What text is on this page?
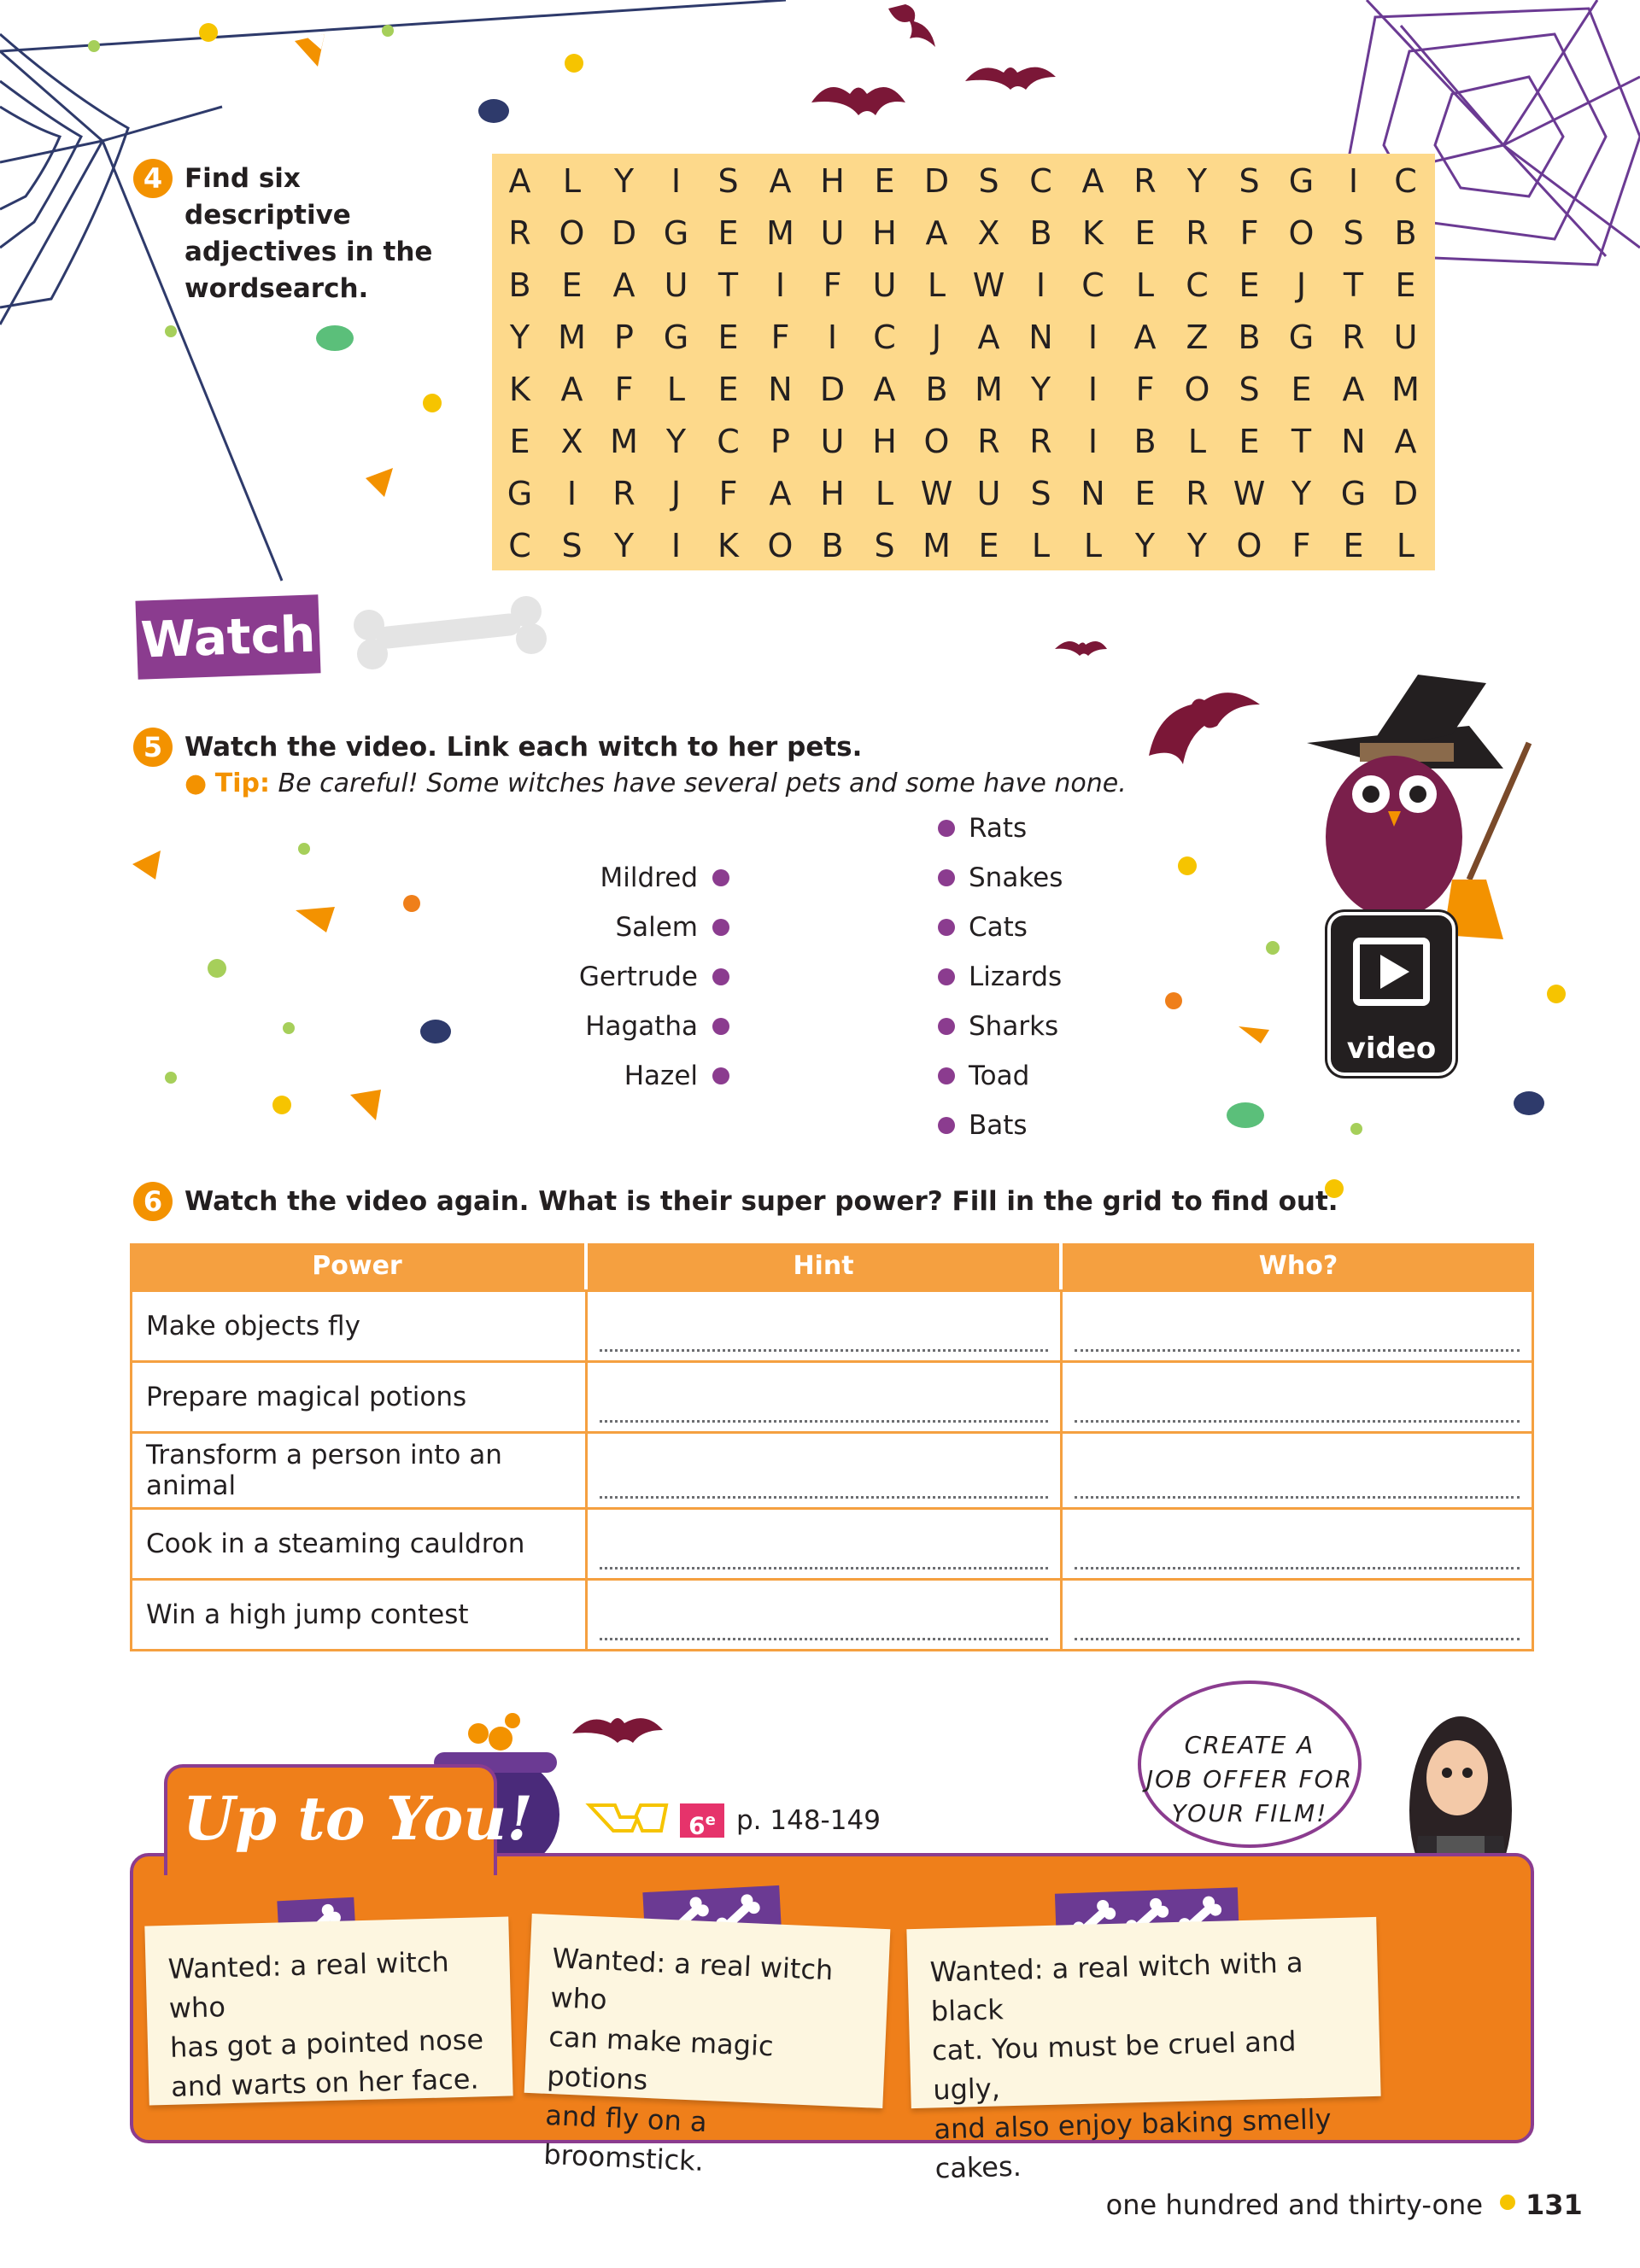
4 Find six descriptive
adjectives in the
wordsearch.
A L	Y	I	S A H E D S C A R Y S G	I	C
R O D G E M U H A X B K E R F O S B
B E A U T	I	F U L W I	C L C E	J	T E
Y M P G E	F	I	C	J	A N	I	A Z B G R U
K A F	L	E N D A B M Y	I	F O S E A M
E X M Y C P U H O R R	I	B L	E T N A
G	I	R	J	F A H L W U S N E R W Y G D
C S Y	I	K O B S M E	L	L	Y Y O F	E	L
Watch
5 Watch the video. Link each witch to her pets.
● Tip: Be careful! Some witches have several pets and some have none.
Mildred
Salem
Gertrude
Hagatha
Hazel
Rats
Snakes
Cats
Lizards
Sharks
Toad
Bats
video
6 Watch the video again. What is their super power? Fill in the grid to find out.
Power	Hint	Who?
Make objects fly
Prepare magical potions
Transform a person into an animal
Cook in a steaming cauldron
Win a high jump contest
Up to You!	6e p. 148-149
CREATE A
JOB OFFER FOR
YOUR FILM!
Wanted: a real witch who
has got a pointed nose
and warts on her face.
Wanted: a real witch who
can make magic potions
and fly on a broomstick.
Wanted: a real witch with a black
cat. You must be cruel and ugly,
and also enjoy baking smelly cakes.
one hundred and thirty-one 131
